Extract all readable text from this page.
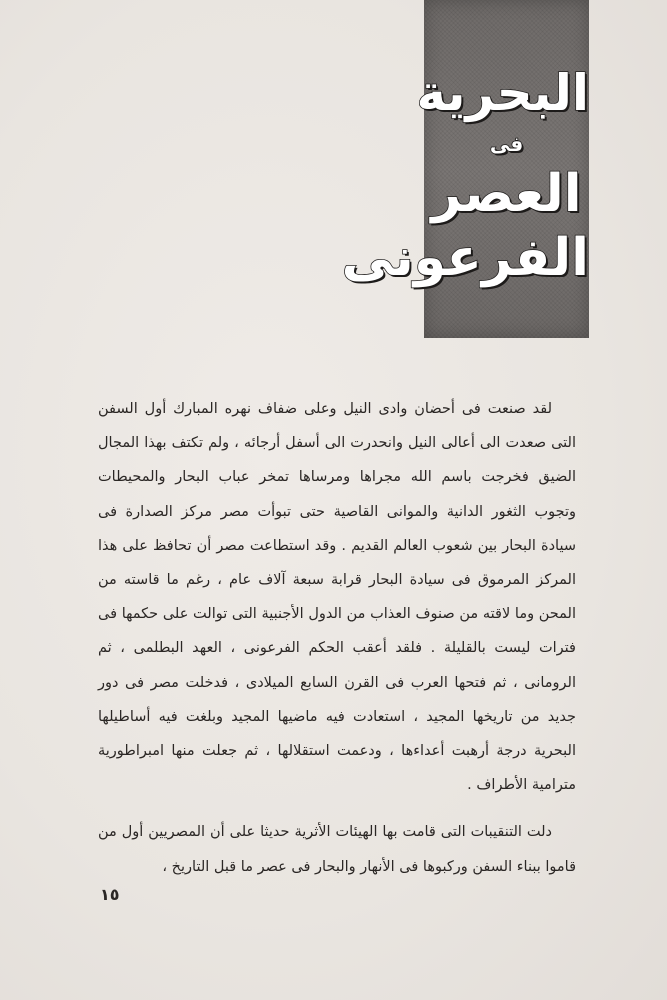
البحرية
فى
العصر
الفرعونى

لقد صنعت فى أحضان وادى النيل وعلى ضفاف نهره المبارك أول السفن التى صعدت الى أعالى النيل وانحدرت الى أسفل أرجائه ، ولم تكتف بهذا المجال الضيق فخرجت باسم الله مجراها ومرساها تمخر عباب البحار والمحيطات وتجوب الثغور الدانية والموانى القاصية حتى تبوأت مصر مركز الصدارة فى سيادة البحار بين شعوب العالم القديم . وقد استطاعت مصر أن تحافظ على هذا المركز المرموق فى سيادة البحار قرابة سبعة آلاف عام ، رغم ما قاسته من المحن وما لاقته من صنوف العذاب من الدول الأجنبية التى توالت على حكمها فى فترات ليست بالقليلة . فلقد أعقب الحكم الفرعونى ، العهد البطلمى ، ثم الرومانى ، ثم فتحها العرب فى القرن السابع الميلادى ، فدخلت مصر فى دور جديد من تاريخها المجيد ، استعادت فيه ماضيها المجيد وبلغت فيه أساطيلها البحرية درجة أرهبت أعداءها ، ودعمت استقلالها ، ثم جعلت منها امبراطورية مترامية الأطراف .

دلت التنقيبات التى قامت بها الهيئات الأثرية حديثا على أن المصريين أول من قاموا ببناء السفن وركبوها فى الأنهار والبحار فى عصر ما قبل التاريخ ،

١٥
